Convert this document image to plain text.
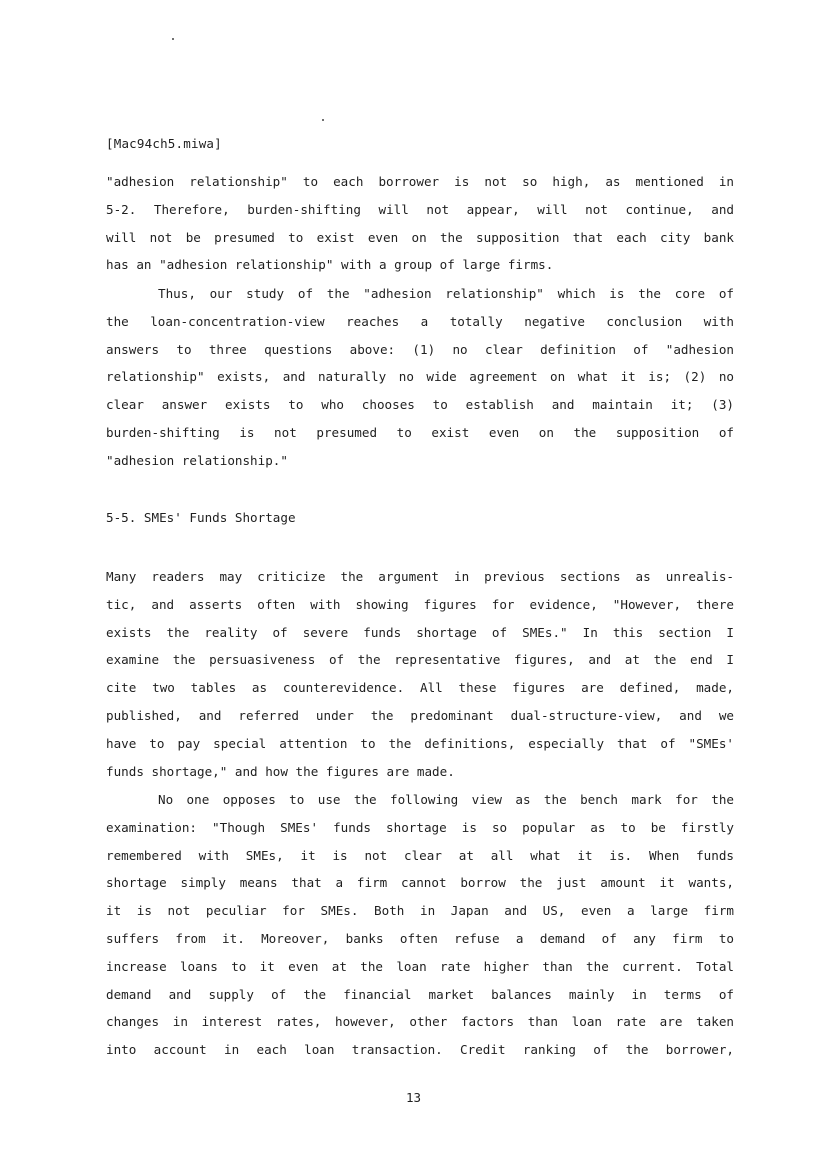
[Mac94ch5.miwa]
"adhesion relationship" to each borrower is not so high, as mentioned in
5-2. Therefore, burden-shifting will not appear, will not continue, and
will not be presumed to exist even on the supposition that each city bank
has an "adhesion relationship" with a group of large firms.
Thus, our study of the "adhesion relationship" which is the core of
the loan-concentration-view reaches a totally negative conclusion with
answers to three questions above: (1) no clear definition of "adhesion
relationship" exists, and naturally no wide agreement on what it is; (2) no
clear answer exists to who chooses to establish and maintain it; (3)
burden-shifting is not presumed to exist even on the supposition of
"adhesion relationship."
5-5. SMEs' Funds Shortage
Many readers may criticize the argument in previous sections as unrealis-
tic, and asserts often with showing figures for evidence, "However, there
exists the reality of severe funds shortage of SMEs." In this section I
examine the persuasiveness of the representative figures, and at the end I
cite two tables as counterevidence. All these figures are defined, made,
published, and referred under the predominant dual-structure-view, and we
have to pay special attention to the definitions, especially that of "SMEs'
funds shortage," and how the figures are made.
No one opposes to use the following view as the bench mark for the
examination: "Though SMEs' funds shortage is so popular as to be firstly
remembered with SMEs, it is not clear at all what it is. When funds
shortage simply means that a firm cannot borrow the just amount it wants,
it is not peculiar for SMEs. Both in Japan and US, even a large firm
suffers from it. Moreover, banks often refuse a demand of any firm to
increase loans to it even at the loan rate higher than the current. Total
demand and supply of the financial market balances mainly in terms of
changes in interest rates, however, other factors than loan rate are taken
into account in each loan transaction. Credit ranking of the borrower,
13
